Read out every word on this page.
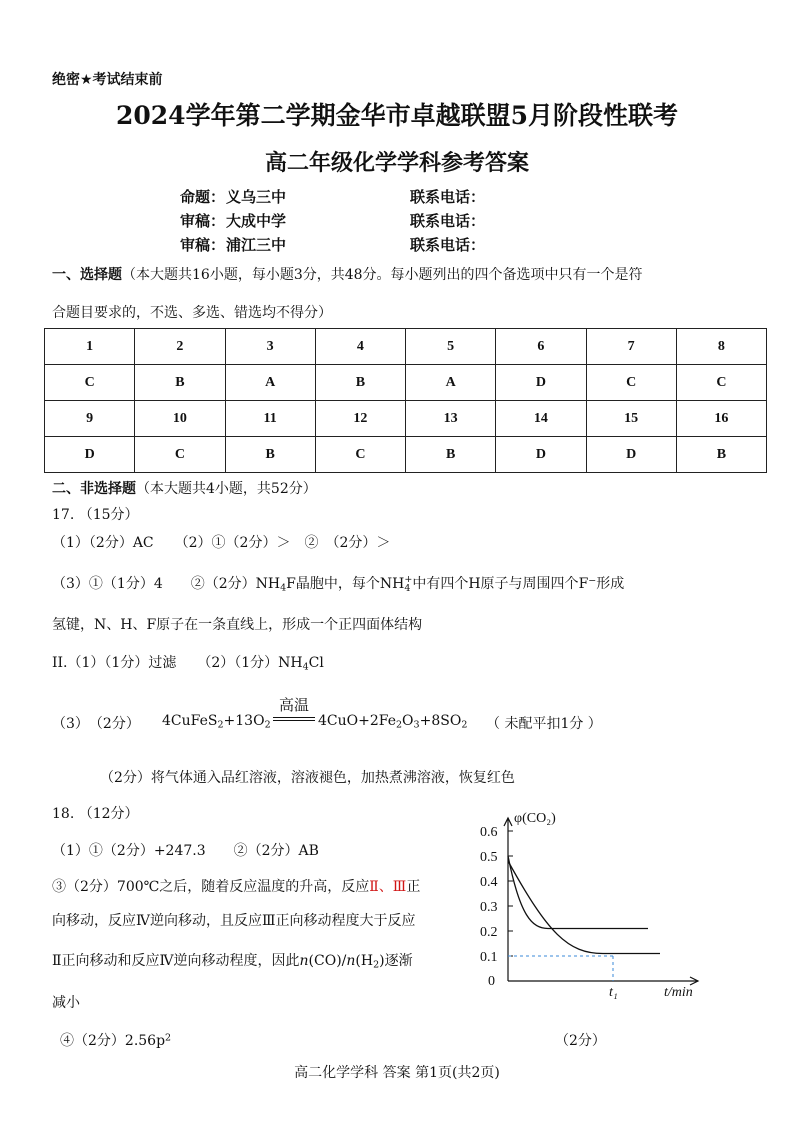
绝密★考试结束前
2024学年第二学期金华市卓越联盟5月阶段性联考
高二年级化学学科参考答案
命题： 义乌三中	联系电话：
审稿： 大成中学	联系电话：
审稿： 浦江三中	联系电话：
一、选择题（本大题共16小题，每小题3分，共48分。每小题列出的四个备选项中只有一个是符
合题目要求的，不选、多选、错选均不得分）
1	2	3	4	5	6	7	8
C	B	A	B	A	D	C	C
9	10	11	12	13	14	15	16
D	C	B	C	B	D	D	B
二、非选择题（本大题共4小题，共52分）
17. （15分）
（1）（2分）AC　　（2）①（2分）＞　②　（2分）＞
（3）①（1分）4　　②（2分）$NH_4F$晶胞中，每个NH +
4 中有四个H原子与周围四个F−形成
氢键，N、H、F原子在一条直线上，形成一个正四面体结构
II.（1）（1分）过滤　　（2）（1分）$NH_4Cl$
（3）　（2分） $4CuFeS_2+13O_2$
高温
$4CuO+2Fe_2O_3+8SO_2$ （ 未配平扣1分 ）
（2分）将气体通入品红溶液，溶液褪色，加热煮沸溶液，恢复红色
18. （12分）
（1）①（2分）+247.3　　②（2分）AB
③（2分）700℃之后，随着反应温度的升高，反应Ⅱ、Ⅲ正
向移动，反应Ⅳ逆向移动，且反应Ⅲ正向移动程度大于反应
Ⅱ正向移动和反应Ⅳ逆向移动程度，因此$n(CO)/n(H_2)$逐渐
减小
④（2分）$2.56p^2$	（2分）
0.6
0.5
0.4
0.3
0.2
0.1
0
φ(CO₂)
t/min
t₁
高二化学学科 答案 第1页(共2页)
